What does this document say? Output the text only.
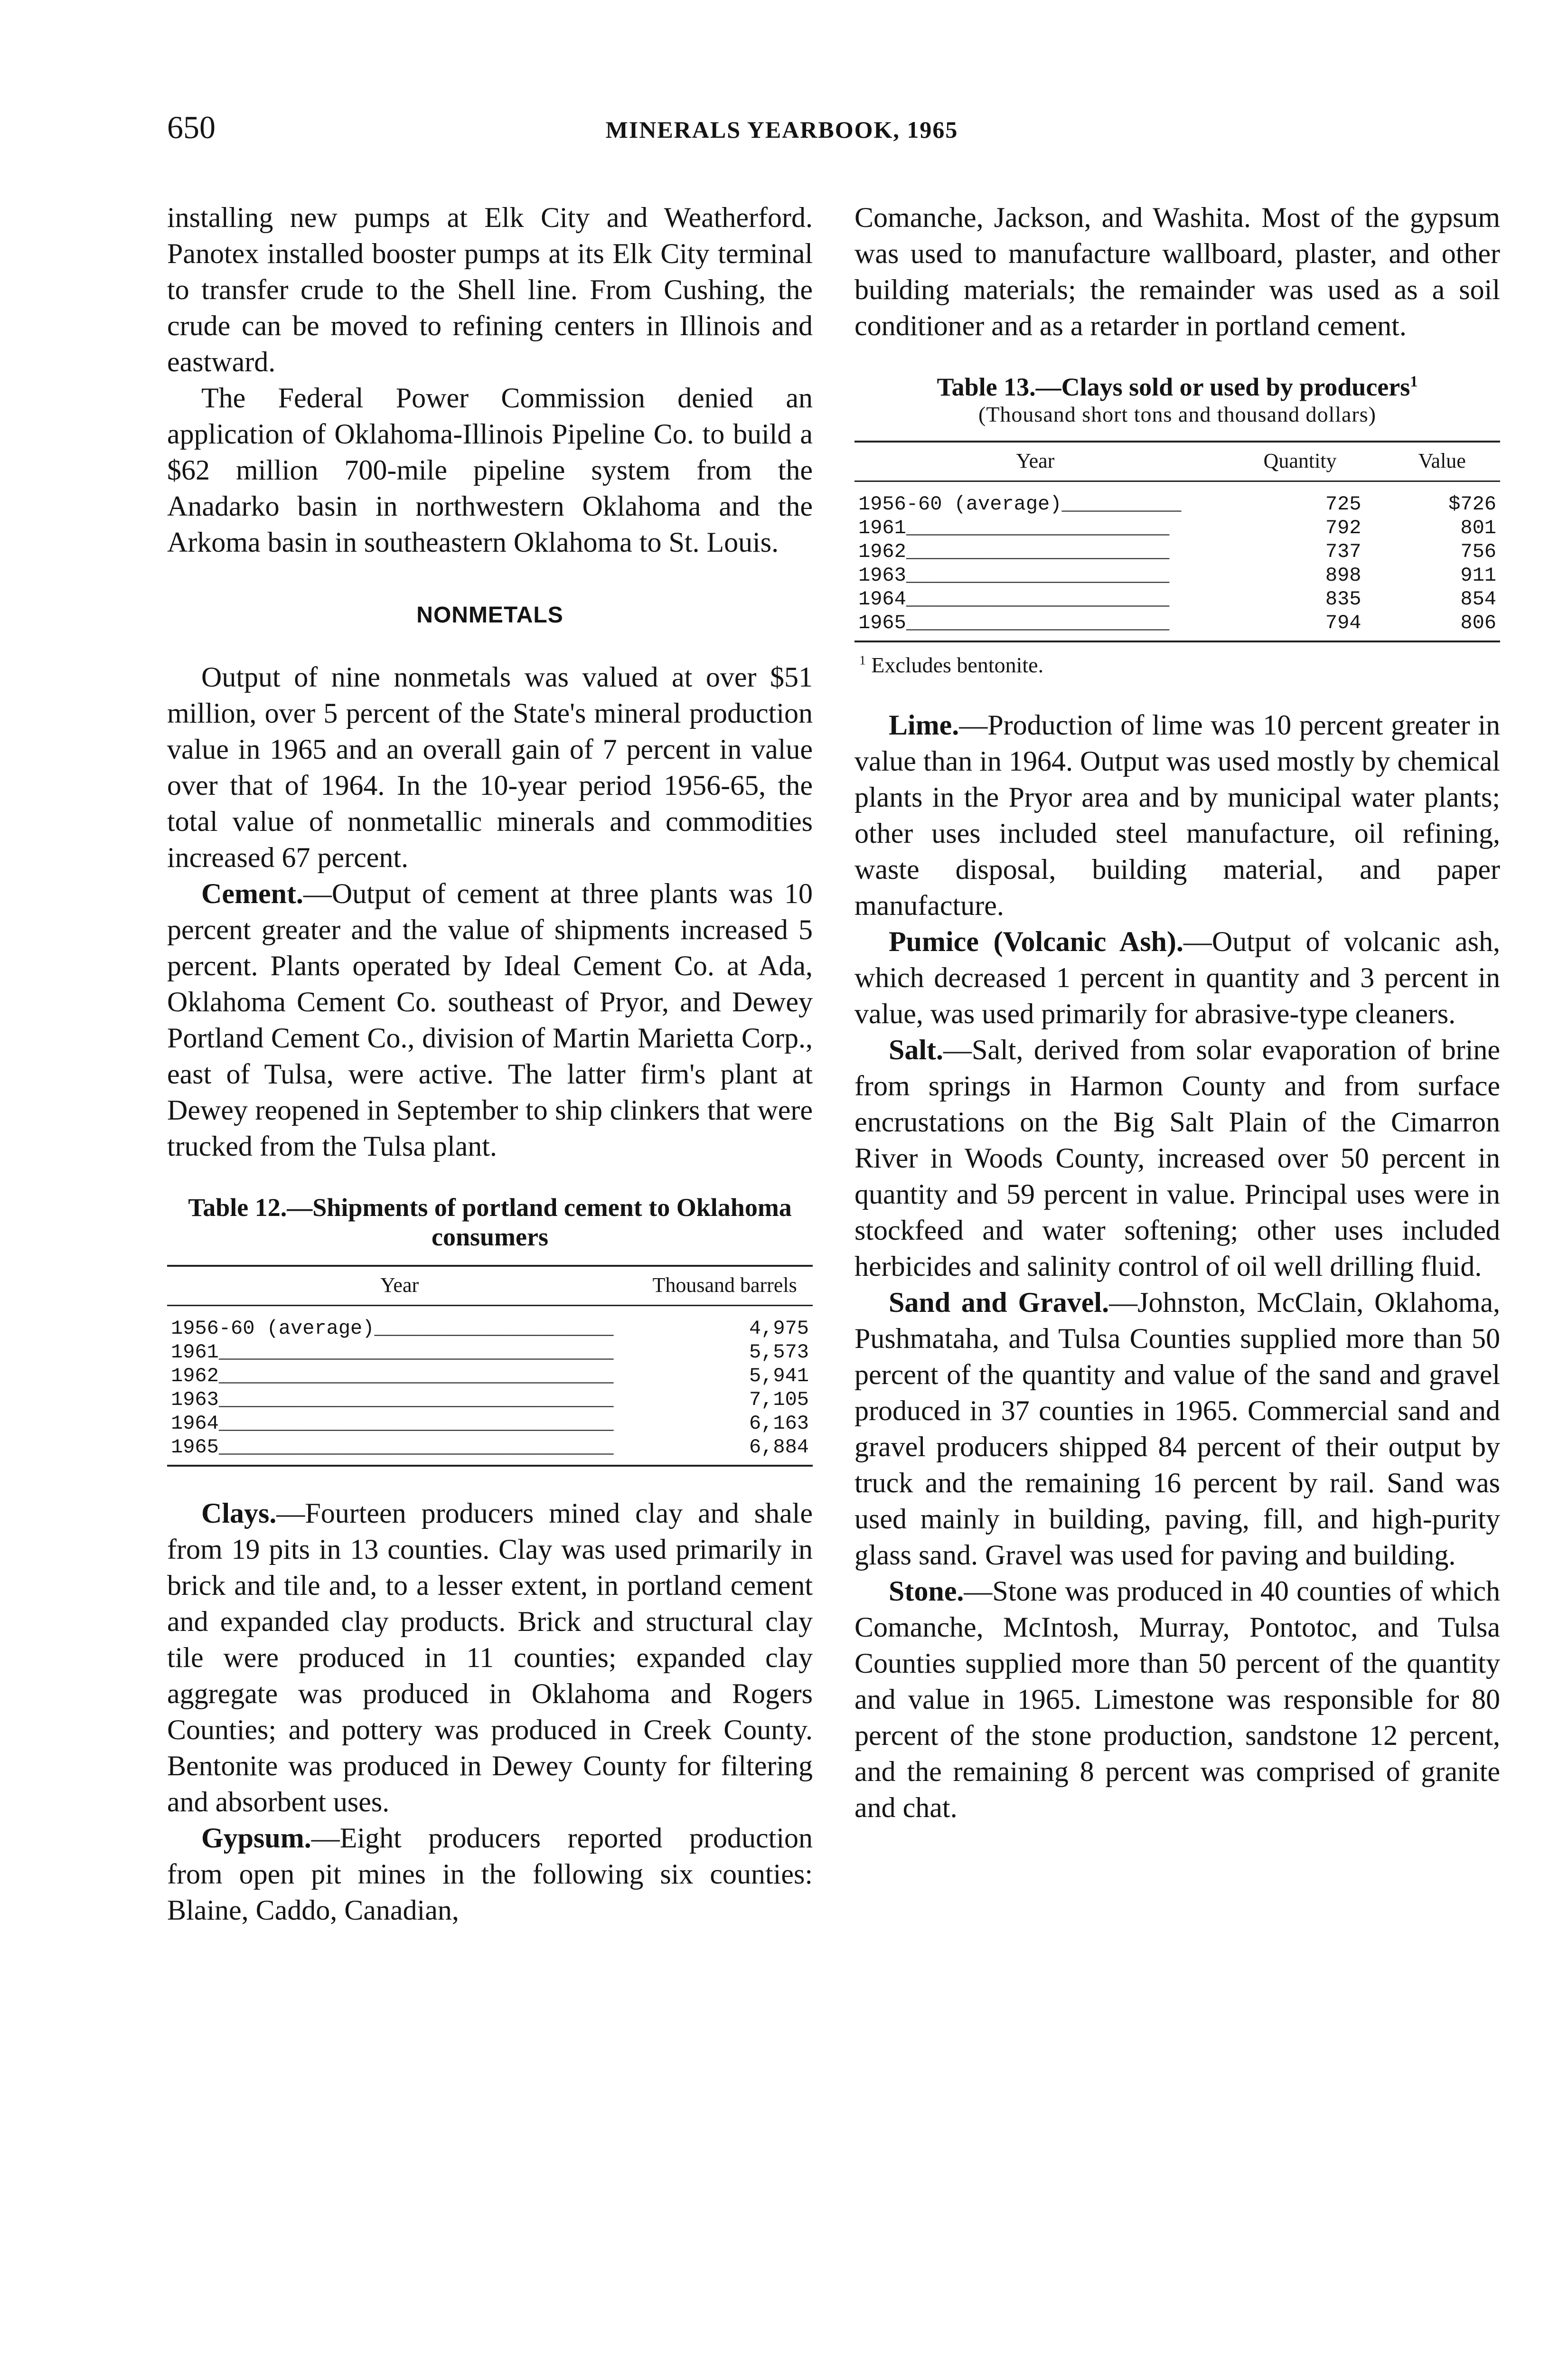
650	MINERALS YEARBOOK, 1965

installing new pumps at Elk City and Weatherford. Panotex installed booster pumps at its Elk City terminal to transfer crude to the Shell line. From Cushing, the crude can be moved to refining centers in Illinois and eastward.

The Federal Power Commission denied an application of Oklahoma-Illinois Pipeline Co. to build a $62 million 700-mile pipeline system from the Anadarko basin in northwestern Oklahoma and the Arkoma basin in southeastern Oklahoma to St. Louis.

NONMETALS

Output of nine nonmetals was valued at over $51 million, over 5 percent of the State's mineral production value in 1965 and an overall gain of 7 percent in value over that of 1964. In the 10-year period 1956-65, the total value of nonmetallic minerals and commodities increased 67 percent.

Cement.—Output of cement at three plants was 10 percent greater and the value of shipments increased 5 percent. Plants operated by Ideal Cement Co. at Ada, Oklahoma Cement Co. southeast of Pryor, and Dewey Portland Cement Co., division of Martin Marietta Corp., east of Tulsa, were active. The latter firm's plant at Dewey reopened in September to ship clinkers that were trucked from the Tulsa plant.

Table 12.—Shipments of portland cement to Oklahoma consumers
Year	Thousand barrels
1956-60 (average)____________________	4,975
1961_________________________________	5,573
1962_________________________________	5,941
1963_________________________________	7,105
1964_________________________________	6,163
1965_________________________________	6,884

Clays.—Fourteen producers mined clay and shale from 19 pits in 13 counties. Clay was used primarily in brick and tile and, to a lesser extent, in portland cement and expanded clay products. Brick and structural clay tile were produced in 11 counties; expanded clay aggregate was produced in Oklahoma and Rogers Counties; and pottery was produced in Creek County. Bentonite was produced in Dewey County for filtering and absorbent uses.

Gypsum.—Eight producers reported production from open pit mines in the following six counties: Blaine, Caddo, Canadian,

Comanche, Jackson, and Washita. Most of the gypsum was used to manufacture wallboard, plaster, and other building materials; the remainder was used as a soil conditioner and as a retarder in portland cement.

Table 13.—Clays sold or used by producers$^1$
(Thousand short tons and thousand dollars)
Year	Quantity	Value
1956-60 (average)__________	725	$726
1961______________________	792	801
1962______________________	737	756
1963______________________	898	911
1964______________________	835	854
1965______________________	794	806
$^1$ Excludes bentonite.

Lime.—Production of lime was 10 percent greater in value than in 1964. Output was used mostly by chemical plants in the Pryor area and by municipal water plants; other uses included steel manufacture, oil refining, waste disposal, building material, and paper manufacture.

Pumice (Volcanic Ash).—Output of volcanic ash, which decreased 1 percent in quantity and 3 percent in value, was used primarily for abrasive-type cleaners.

Salt.—Salt, derived from solar evaporation of brine from springs in Harmon County and from surface encrustations on the Big Salt Plain of the Cimarron River in Woods County, increased over 50 percent in quantity and 59 percent in value. Principal uses were in stockfeed and water softening; other uses included herbicides and salinity control of oil well drilling fluid.

Sand and Gravel.—Johnston, McClain, Oklahoma, Pushmataha, and Tulsa Counties supplied more than 50 percent of the quantity and value of the sand and gravel produced in 37 counties in 1965. Commercial sand and gravel producers shipped 84 percent of their output by truck and the remaining 16 percent by rail. Sand was used mainly in building, paving, fill, and high-purity glass sand. Gravel was used for paving and building.

Stone.—Stone was produced in 40 counties of which Comanche, McIntosh, Murray, Pontotoc, and Tulsa Counties supplied more than 50 percent of the quantity and value in 1965. Limestone was responsible for 80 percent of the stone production, sandstone 12 percent, and the remaining 8 percent was comprised of granite and chat.
